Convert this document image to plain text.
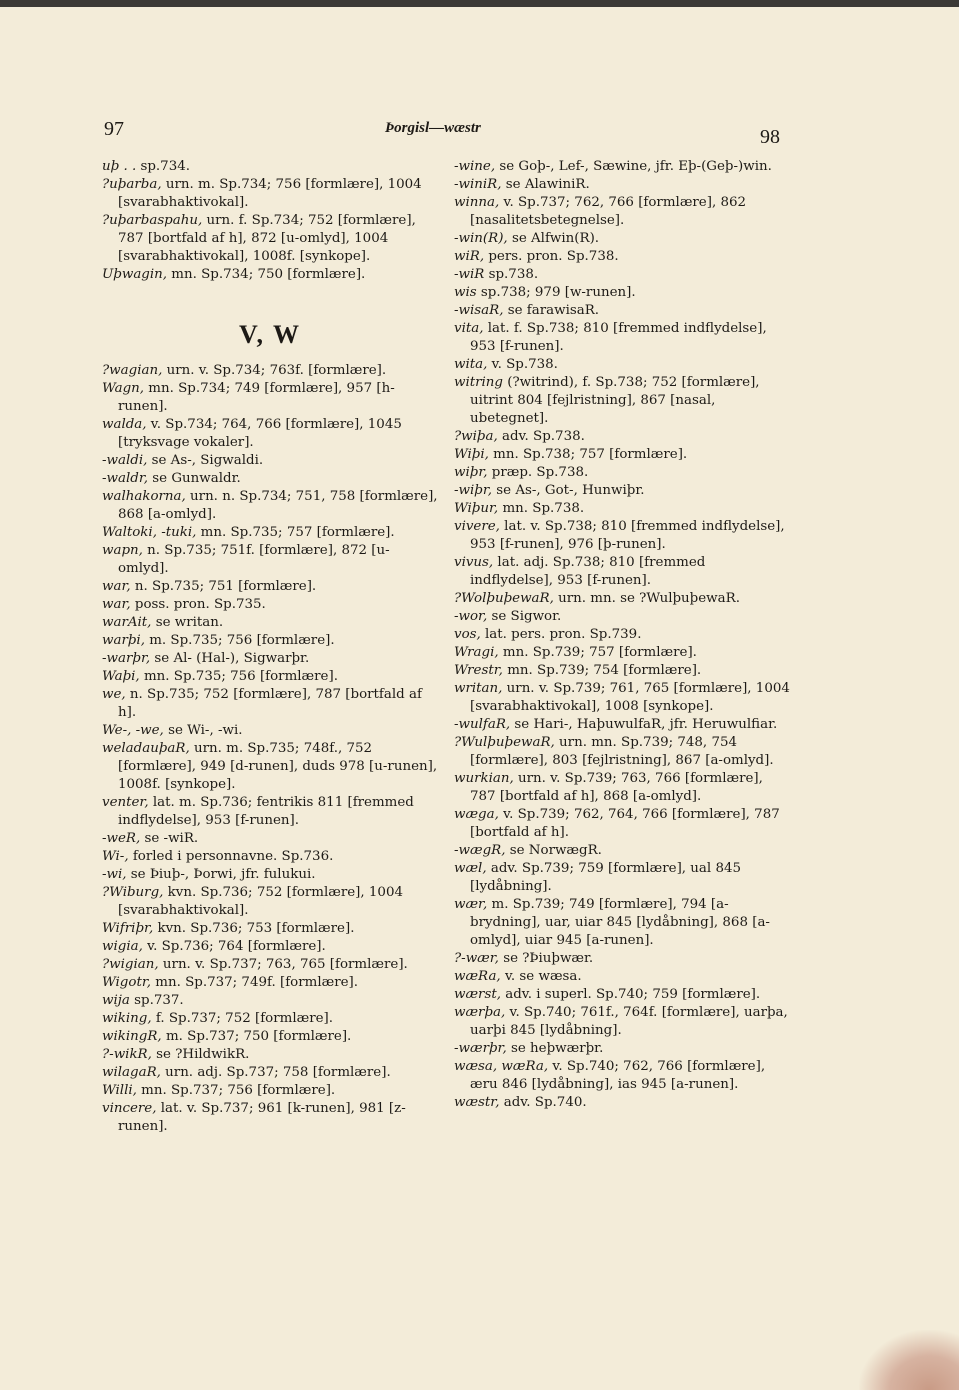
97	Þorgisl—wæstr	98
uþ . . sp.734.
?uþarba, urn. m. Sp.734; 756 [formlære], 1004 [svarabhaktivokal].
?uþarbaspahu, urn. f. Sp.734; 752 [formlære], 787 [bortfald af h], 872 [u-omlyd], 1004 [svarabhaktivokal], 1008f. [synkope].
Uþwagin, mn. Sp.734; 750 [formlære].
V, W
?wagian, urn. v. Sp.734; 763f. [formlære].
Wagn, mn. Sp.734; 749 [formlære], 957 [h-runen].
walda, v. Sp.734; 764, 766 [formlære], 1045 [tryksvage vokaler].
-waldi, se As-, Sigwaldi.
-waldr, se Gunwaldr.
walhakorna, urn. n. Sp.734; 751, 758 [formlære], 868 [a-omlyd].
Waltoki, -tuki, mn. Sp.735; 757 [formlære].
wapn, n. Sp.735; 751f. [formlære], 872 [u-omlyd].
war, n. Sp.735; 751 [formlære].
war, poss. pron. Sp.735.
warAit, se writan.
warþi, m. Sp.735; 756 [formlære].
-warþr, se Al- (Hal-), Sigwarþr.
Waþi, mn. Sp.735; 756 [formlære].
we, n. Sp.735; 752 [formlære], 787 [bortfald af h].
We-, -we, se Wi-, -wi.
weladauþaR, urn. m. Sp.735; 748f., 752 [formlære], 949 [d-runen], duds 978 [u-runen], 1008f. [synkope].
venter, lat. m. Sp.736; fentrikis 811 [fremmed indflydelse], 953 [f-runen].
-weR, se -wiR.
Wi-, forled i personnavne. Sp.736.
-wi, se Þiuþ-, Þorwi, jfr. fulukui.
?Wiburg, kvn. Sp.736; 752 [formlære], 1004 [svarabhaktivokal].
Wifriþr, kvn. Sp.736; 753 [formlære].
wigia, v. Sp.736; 764 [formlære].
?wigian, urn. v. Sp.737; 763, 765 [formlære].
Wigotr, mn. Sp.737; 749f. [formlære].
wija sp.737.
wiking, f. Sp.737; 752 [formlære].
wikingR, m. Sp.737; 750 [formlære].
?-wikR, se ?HildwikR.
wilagaR, urn. adj. Sp.737; 758 [formlære].
Willi, mn. Sp.737; 756 [formlære].
vincere, lat. v. Sp.737; 961 [k-runen], 981 [z-runen].
-wine, se Goþ-, Lef-, Sæwine, jfr. Eþ-(Geþ-)win.
-winiR, se AlawiniR.
winna, v. Sp.737; 762, 766 [formlære], 862 [nasalitetsbetegnelse].
-win(R), se Alfwin(R).
wiR, pers. pron. Sp.738.
-wiR sp.738.
wis sp.738; 979 [w-runen].
-wisaR, se farawisaR.
vita, lat. f. Sp.738; 810 [fremmed indflydelse], 953 [f-runen].
wita, v. Sp.738.
witring (?witrind), f. Sp.738; 752 [formlære], uitrint 804 [fejlristning], 867 [nasal, ubetegnet].
?wiþa, adv. Sp.738.
Wiþi, mn. Sp.738; 757 [formlære].
wiþr, præp. Sp.738.
-wiþr, se As-, Got-, Hunwiþr.
Wiþur, mn. Sp.738.
vivere, lat. v. Sp.738; 810 [fremmed indflydelse], 953 [f-runen], 976 [þ-runen].
vivus, lat. adj. Sp.738; 810 [fremmed indflydelse], 953 [f-runen].
?WolþuþewaR, urn. mn. se ?WulþuþewaR.
-wor, se Sigwor.
vos, lat. pers. pron. Sp.739.
Wragi, mn. Sp.739; 757 [formlære].
Wrestr, mn. Sp.739; 754 [formlære].
writan, urn. v. Sp.739; 761, 765 [formlære], 1004 [svarabhaktivokal], 1008 [synkope].
-wulfaR, se Hari-, HaþuwulfaR, jfr. Heruwulfiar.
?WulþuþewaR, urn. mn. Sp.739; 748, 754 [formlære], 803 [fejlristning], 867 [a-omlyd].
wurkian, urn. v. Sp.739; 763, 766 [formlære], 787 [bortfald af h], 868 [a-omlyd].
wæga, v. Sp.739; 762, 764, 766 [formlære], 787 [bortfald af h].
-wægR, se NorwægR.
wæl, adv. Sp.739; 759 [formlære], ual 845 [lydåbning].
wær, m. Sp.739; 749 [formlære], 794 [a-brydning], uar, uiar 845 [lydåbning], 868 [a-omlyd], uiar 945 [a-runen].
?-wær, se ?Þiuþwær.
wæRa, v. se wæsa.
wærst, adv. i superl. Sp.740; 759 [formlære].
wærþa, v. Sp.740; 761f., 764f. [formlære], uarþa, uarþi 845 [lydåbning].
-wærþr, se heþwærþr.
wæsa, wæRa, v. Sp.740; 762, 766 [formlære], æru 846 [lydåbning], ias 945 [a-runen].
wæstr, adv. Sp.740.
